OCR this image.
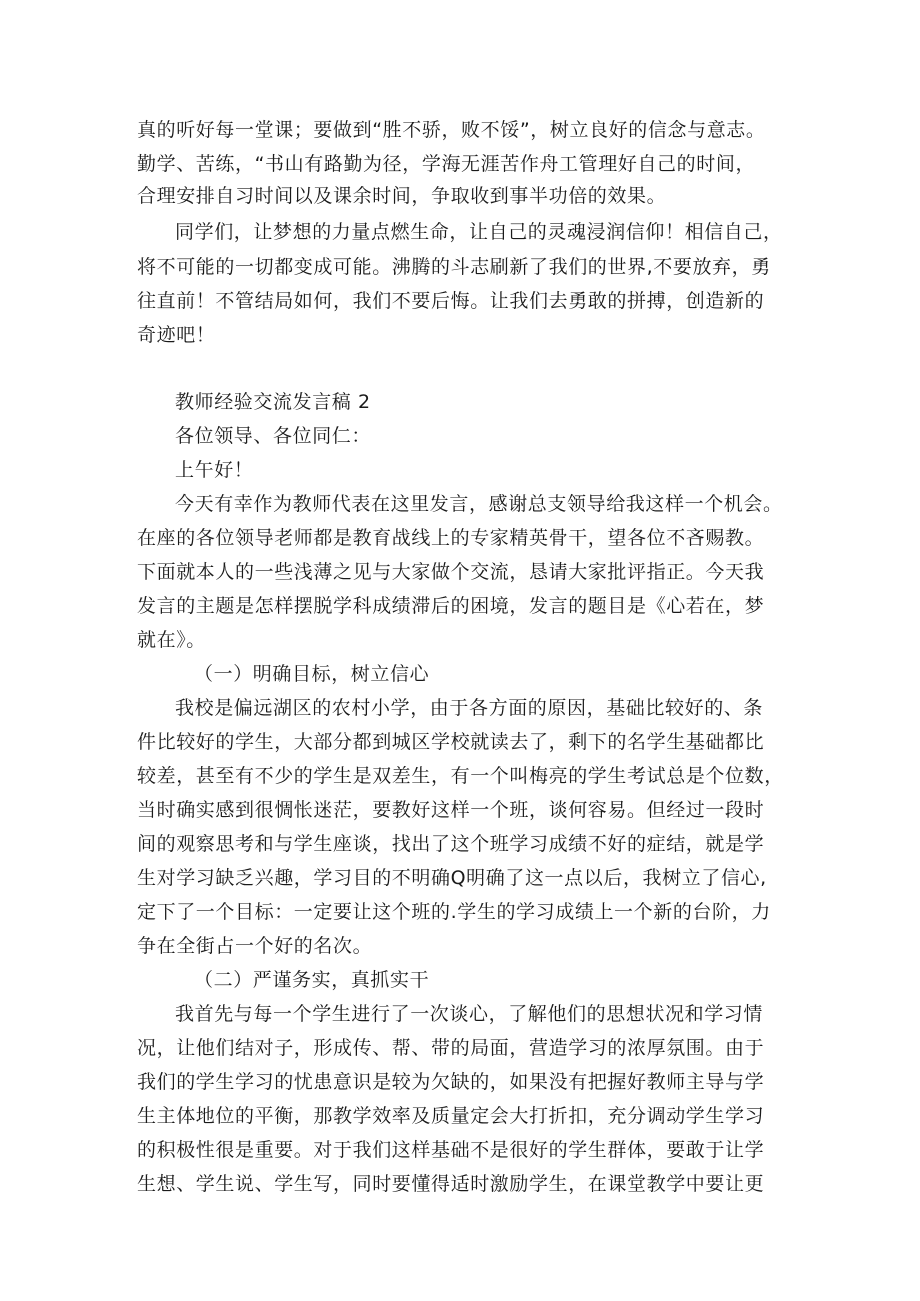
真的听好每一堂课；要做到“胜不骄，败不馁”，树立良好的信念与意志。
勤学、苦练，“书山有路勤为径，学海无涯苦作舟工管理好自己的时间，
合理安排自习时间以及课余时间，争取收到事半功倍的效果。
同学们，让梦想的力量点燃生命，让自己的灵魂浸润信仰！相信自己，
将不可能的一切都变成可能。沸腾的斗志刷新了我们的世界,不要放弃，勇
往直前！不管结局如何，我们不要后悔。让我们去勇敢的拼搏，创造新的
奇迹吧！
教师经验交流发言稿 2
各位领导、各位同仁：
上午好！
今天有幸作为教师代表在这里发言，感谢总支领导给我这样一个机会。
在座的各位领导老师都是教育战线上的专家精英骨干，望各位不吝赐教。
下面就本人的一些浅薄之见与大家做个交流，恳请大家批评指正。今天我
发言的主题是怎样摆脱学科成绩滞后的困境，发言的题目是《心若在，梦
就在》。
（一）明确目标，树立信心
我校是偏远湖区的农村小学，由于各方面的原因，基础比较好的、条
件比较好的学生，大部分都到城区学校就读去了，剩下的名学生基础都比
较差，甚至有不少的学生是双差生，有一个叫梅亮的学生考试总是个位数，
当时确实感到很惆怅迷茫，要教好这样一个班，谈何容易。但经过一段时
间的观察思考和与学生座谈，找出了这个班学习成绩不好的症结，就是学
生对学习缺乏兴趣，学习目的不明确Q明确了这一点以后，我树立了信心,
定下了一个目标：一定要让这个班的.学生的学习成绩上一个新的台阶，力
争在全街占一个好的名次。
（二）严谨务实，真抓实干
我首先与每一个学生进行了一次谈心，了解他们的思想状况和学习情
况，让他们结对子，形成传、帮、带的局面，营造学习的浓厚氛围。由于
我们的学生学习的忧患意识是较为欠缺的，如果没有把握好教师主导与学
生主体地位的平衡，那教学效率及质量定会大打折扣，充分调动学生学习
的积极性很是重要。对于我们这样基础不是很好的学生群体，要敢于让学
生想、学生说、学生写，同时要懂得适时激励学生，在课堂教学中要让更
